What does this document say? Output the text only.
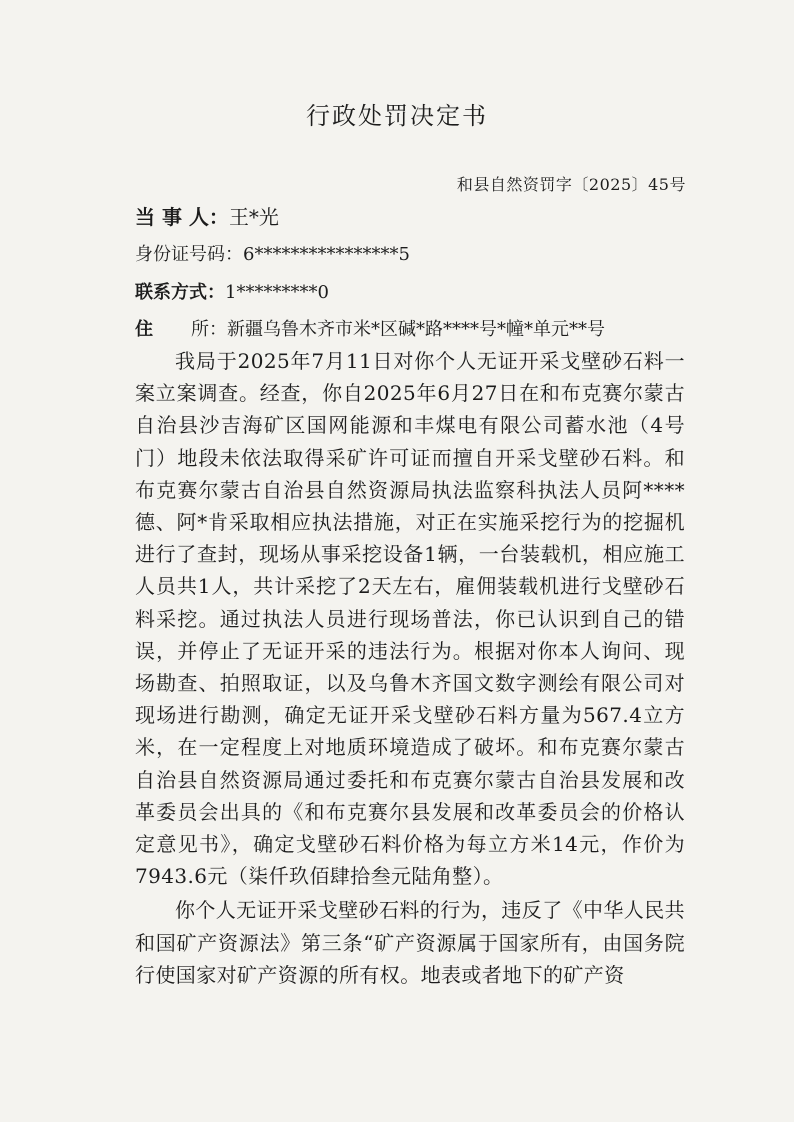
行政处罚决定书
和县自然资罚字〔2025〕45号
当 事 人：王*光
身份证号码：6****************5
联系方式：1*********0
住 所：新疆乌鲁木齐市米*区碱*路****号*幢*单元**号

我局于2025年7月11日对你个人无证开采戈壁砂石料一案立案调查。经查，你自2025年6月27日在和布克赛尔蒙古自治县沙吉海矿区国网能源和丰煤电有限公司蓄水池（4号门）地段未依法取得采矿许可证而擅自开采戈壁砂石料。和布克赛尔蒙古自治县自然资源局执法监察科执法人员阿****德、阿*肯采取相应执法措施，对正在实施采挖行为的挖掘机进行了查封，现场从事采挖设备1辆，一台装载机，相应施工人员共1人，共计采挖了2天左右，雇佣装载机进行戈壁砂石料采挖。通过执法人员进行现场普法，你已认识到自己的错误，并停止了无证开采的违法行为。根据对你本人询问、现场勘查、拍照取证，以及乌鲁木齐国文数字测绘有限公司对现场进行勘测，确定无证开采戈壁砂石料方量为567.4立方米，在一定程度上对地质环境造成了破坏。和布克赛尔蒙古自治县自然资源局通过委托和布克赛尔蒙古自治县发展和改革委员会出具的《和布克赛尔县发展和改革委员会的价格认定意见书》，确定戈壁砂石料价格为每立方米14元，作价为7943.6元（柒仟玖佰肆拾叁元陆角整）。

你个人无证开采戈壁砂石料的行为，违反了《中华人民共和国矿产资源法》第三条“矿产资源属于国家所有，由国务院行使国家对矿产资源的所有权。地表或者地下的矿产资
